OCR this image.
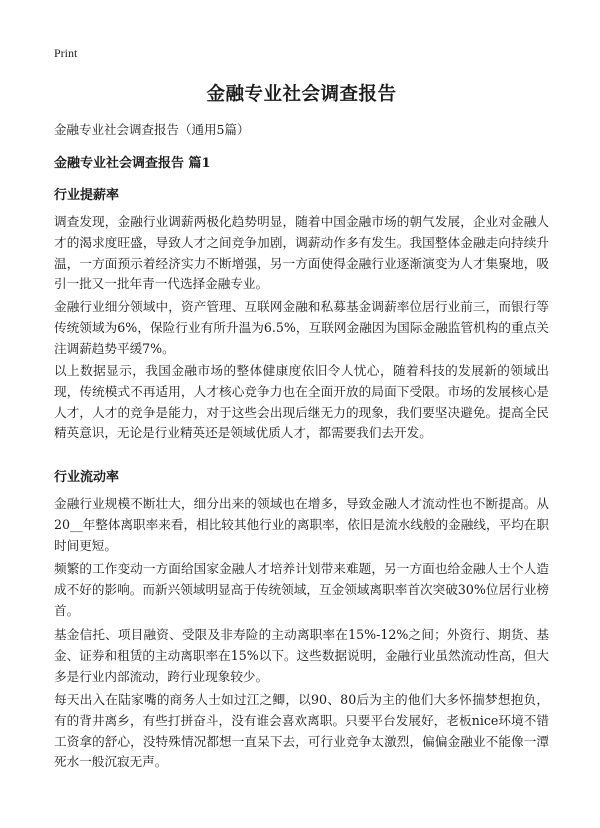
Print
金融专业社会调查报告

金融专业社会调查报告（通用5篇）

金融专业社会调查报告 篇1
行业提薪率

调查发现，金融行业调薪两极化趋势明显，随着中国金融市场的朝气发展，企业对金融人才的渴求度旺盛，导致人才之间竞争加剧，调薪动作多有发生。我国整体金融走向持续升温，一方面预示着经济实力不断增强，另一方面使得金融行业逐渐演变为人才集聚地，吸引一批又一批年青一代选择金融专业。

金融行业细分领域中，资产管理、互联网金融和私募基金调薪率位居行业前三，而银行等传统领域为6%，保险行业有所升温为6.5%，互联网金融因为国际金融监管机构的重点关注调薪趋势平缓7%。

以上数据显示，我国金融市场的整体健康度依旧令人忧心，随着科技的发展新的领域出现，传统模式不再适用，人才核心竞争力也在全面开放的局面下受限。市场的发展核心是人才，人才的竞争是能力，对于这些会出现后继无力的现象，我们要坚决避免。提高全民精英意识，无论是行业精英还是领域优质人才，都需要我们去开发。

行业流动率

金融行业规模不断壮大，细分出来的领域也在增多，导致金融人才流动性也不断提高。从20__年整体离职率来看，相比较其他行业的离职率，依旧是流水线般的金融线，平均在职时间更短。

频繁的工作变动一方面给国家金融人才培养计划带来难题，另一方面也给金融人士个人造成不好的影响。而新兴领域明显高于传统领域，互金领域离职率首次突破30%位居行业榜首。

基金信托、项目融资、受限及非寿险的主动离职率在15%-12%之间；外资行、期货、基金、证券和租赁的主动离职率在15%以下。这些数据说明，金融行业虽然流动性高，但大多是行业内部流动，跨行业现象较少。

每天出入在陆家嘴的商务人士如过江之鲫，以90、80后为主的他们大多怀揣梦想抱负，有的背井离乡，有些打拼奋斗，没有谁会喜欢离职。只要平台发展好，老板nice环境不错工资拿的舒心，没特殊情况都想一直呆下去，可行业竞争太激烈，偏偏金融业不能像一潭死水一般沉寂无声。
